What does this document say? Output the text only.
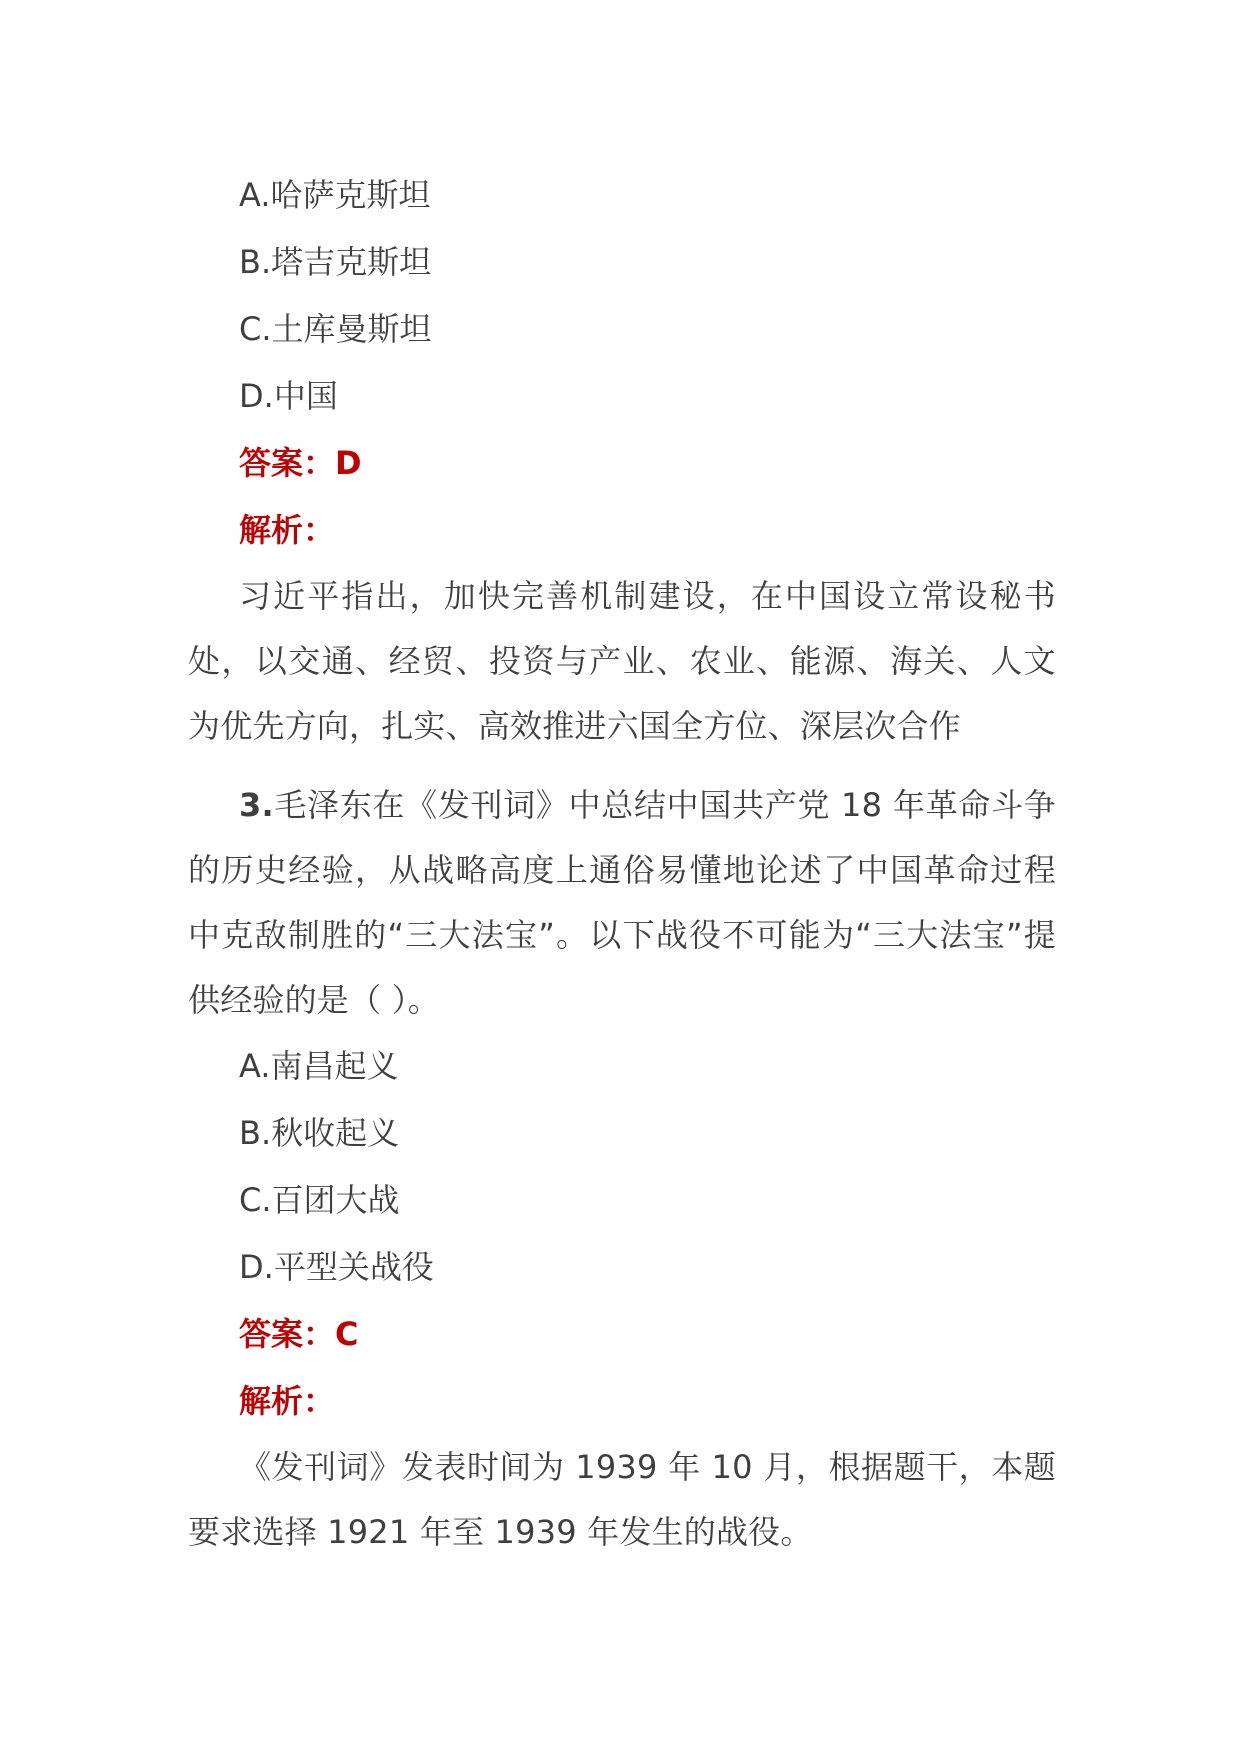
A.哈萨克斯坦
B.塔吉克斯坦
C.土库曼斯坦
D.中国
答案：D
解析：

习近平指出，加快完善机制建设，在中国设立常设秘书处，以交通、经贸、投资与产业、农业、能源、海关、人文为优先方向，扎实、高效推进六国全方位、深层次合作

3.毛泽东在《发刊词》中总结中国共产党 18 年革命斗争的历史经验，从战略高度上通俗易懂地论述了中国革命过程中克敌制胜的“三大法宝”。以下战役不可能为“三大法宝”提供经验的是（ ）。

A.南昌起义
B.秋收起义
C.百团大战
D.平型关战役
答案：C
解析：

《发刊词》发表时间为 1939 年 10 月，根据题干，本题要求选择 1921 年至 1939 年发生的战役。
